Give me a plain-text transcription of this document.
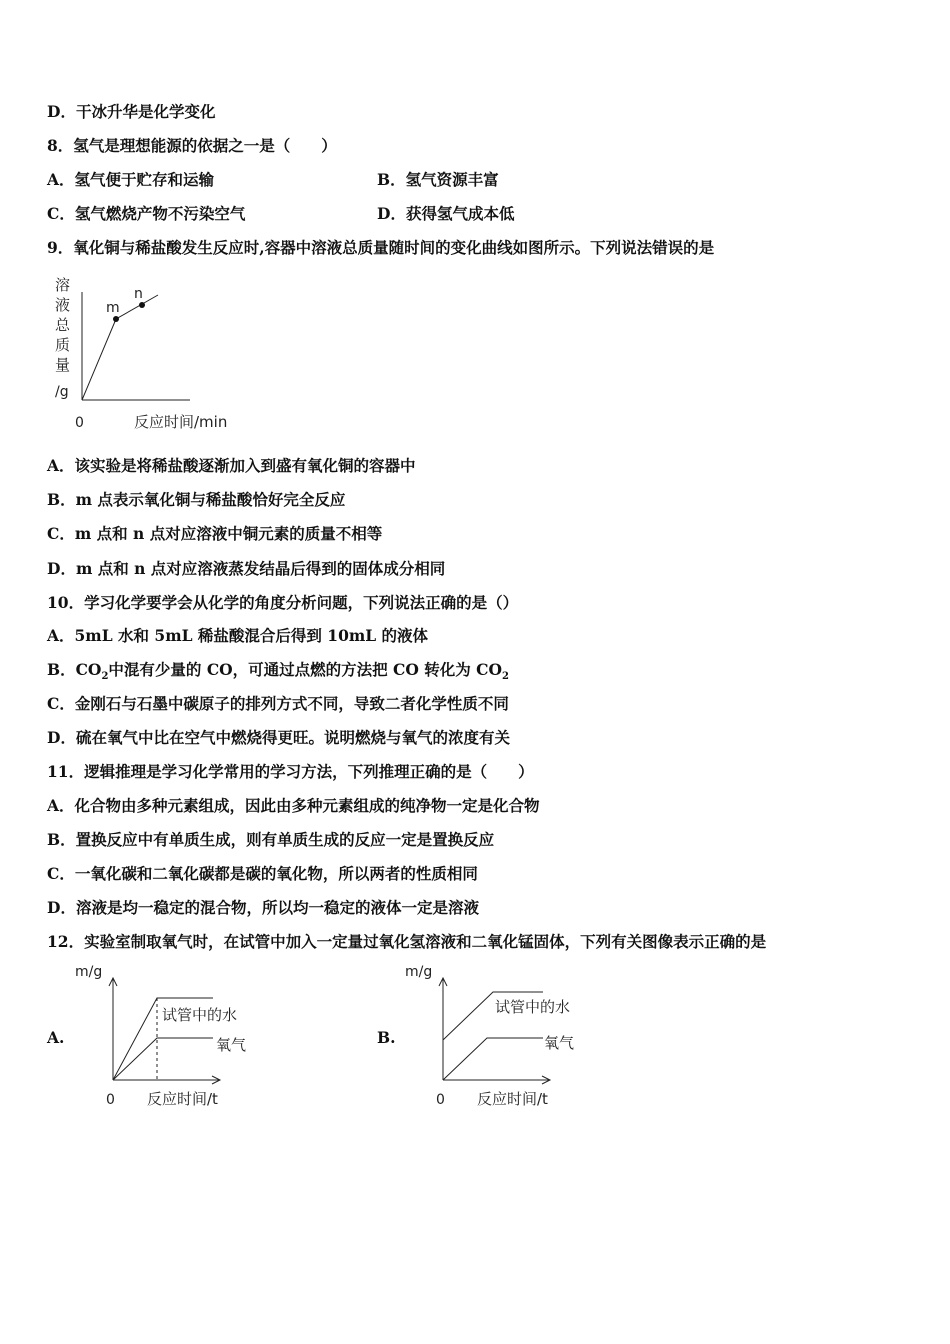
D．干冰升华是化学变化
8．氢气是理想能源的依据之一是（　　）
A．氢气便于贮存和运输	B．氢气资源丰富
C．氢气燃烧产物不污染空气	D．获得氢气成本低
9．氧化铜与稀盐酸发生反应时,容器中溶液总质量随时间的变化曲线如图所示。下列说法错误的是
溶
液
总
质
量
/g
m
n
0	反应时间/min
A．该实验是将稀盐酸逐渐加入到盛有氧化铜的容器中
B．m 点表示氧化铜与稀盐酸恰好完全反应
C．m 点和 n 点对应溶液中铜元素的质量不相等
D．m 点和 n 点对应溶液蒸发结晶后得到的固体成分相同
10．学习化学要学会从化学的角度分析问题，下列说法正确的是（）
A．5mL 水和 5mL 稀盐酸混合后得到 10mL 的液体
B．$CO_2$中混有少量的 CO，可通过点燃的方法把 CO 转化为 $CO_2$
C．金刚石与石墨中碳原子的排列方式不同，导致二者化学性质不同
D．硫在氧气中比在空气中燃烧得更旺。说明燃烧与氧气的浓度有关
11．逻辑推理是学习化学常用的学习方法，下列推理正确的是（　　）
A．化合物由多种元素组成，因此由多种元素组成的纯净物一定是化合物
B．置换反应中有单质生成，则有单质生成的反应一定是置换反应
C．一氧化碳和二氧化碳都是碳的氧化物，所以两者的性质相同
D．溶液是均一稳定的混合物，所以均一稳定的液体一定是溶液
12．实验室制取氧气时，在试管中加入一定量过氧化氢溶液和二氧化锰固体，下列有关图像表示正确的是
A.
m/g
试管中的水
氧气
0 反应时间/t
B.
m/g
试管中的水
氧气
0 反应时间/t
